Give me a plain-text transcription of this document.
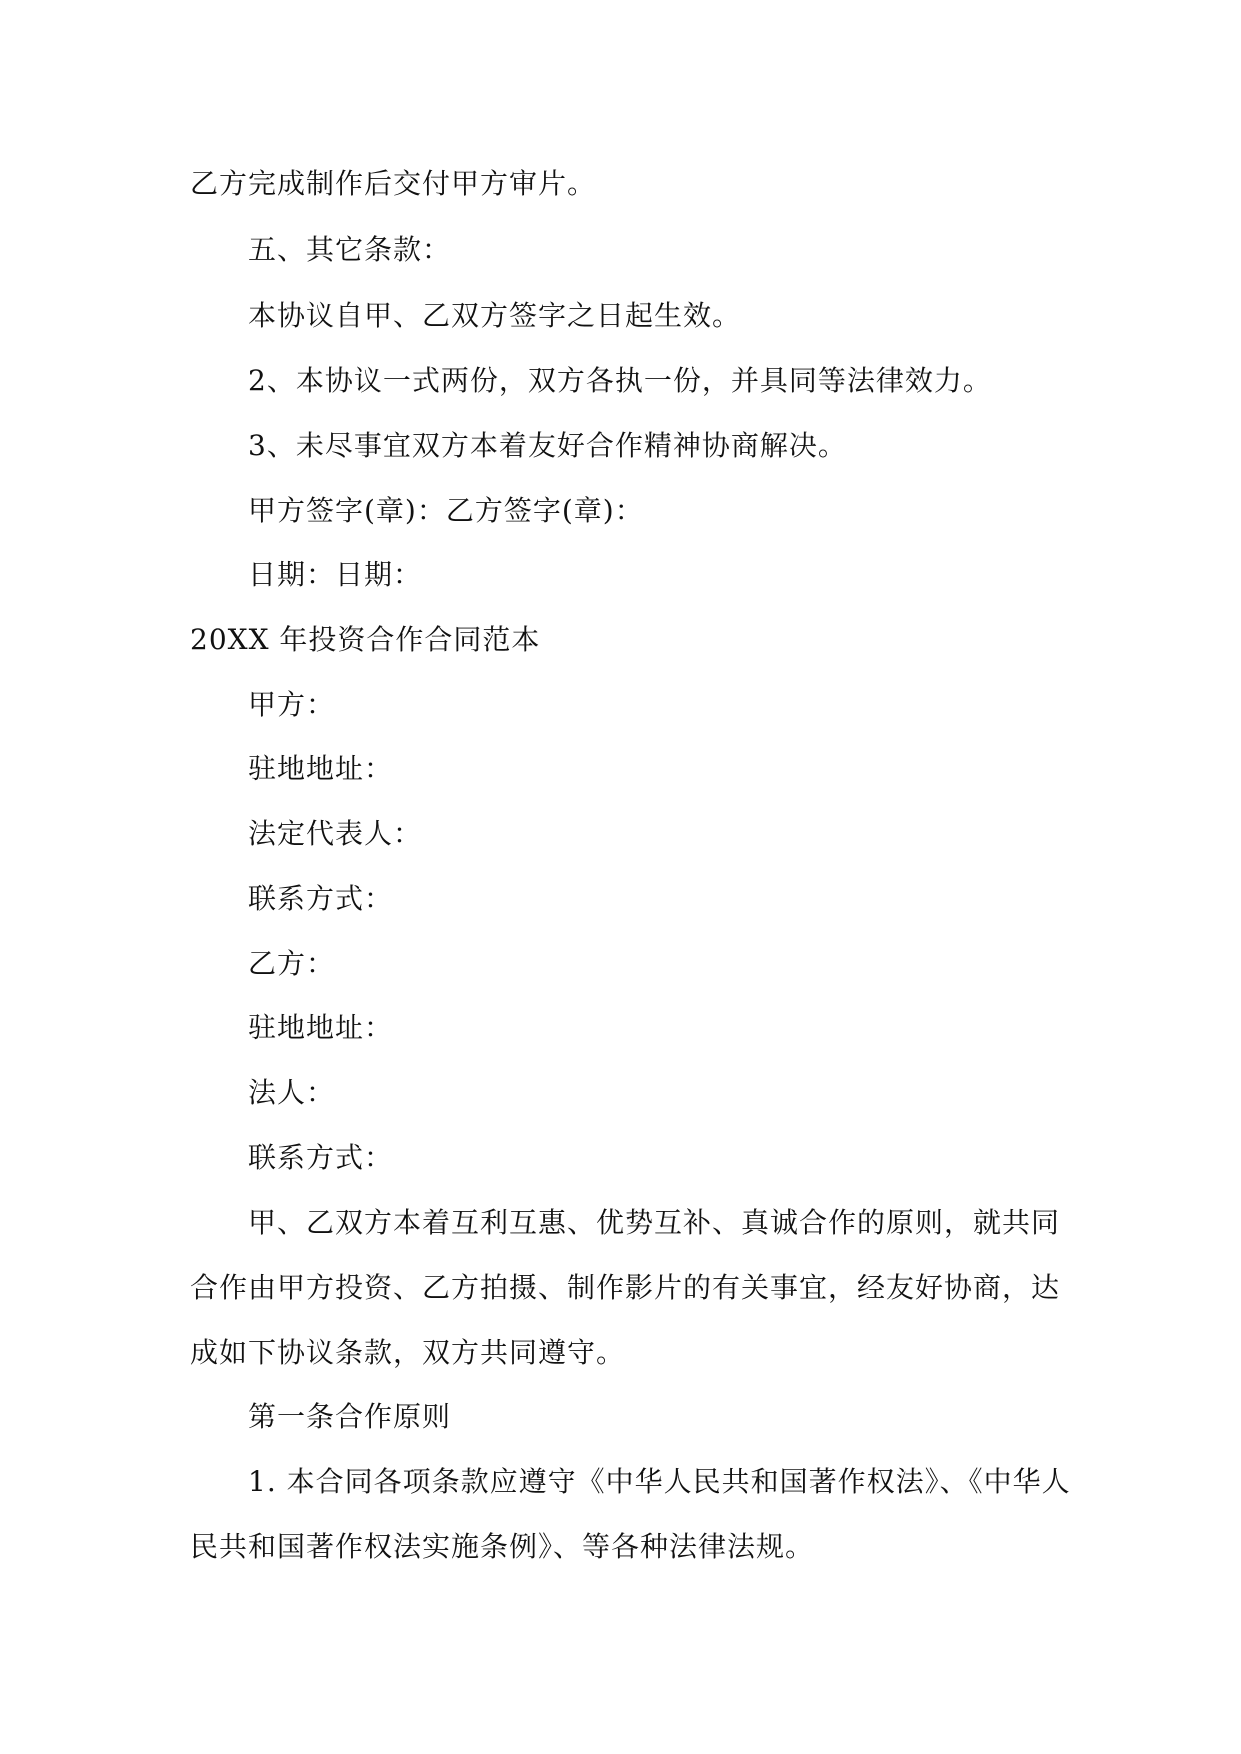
乙方完成制作后交付甲方审片。
五、其它条款：
本协议自甲、乙双方签字之日起生效。
2、本协议一式两份，双方各执一份，并具同等法律效力。
3、未尽事宜双方本着友好合作精神协商解决。
甲方签字(章)：乙方签字(章)：
日期：日期：
20XX 年投资合作合同范本
甲方：
驻地地址：
法定代表人：
联系方式：
乙方：
驻地地址：
法人：
联系方式：
甲、乙双方本着互利互惠、优势互补、真诚合作的原则，就共同
合作由甲方投资、乙方拍摄、制作影片的有关事宜，经友好协商，达
成如下协议条款，双方共同遵守。
第一条合作原则
1. 本合同各项条款应遵守《中华人民共和国著作权法》、《中华人
民共和国著作权法实施条例》、等各种法律法规。
